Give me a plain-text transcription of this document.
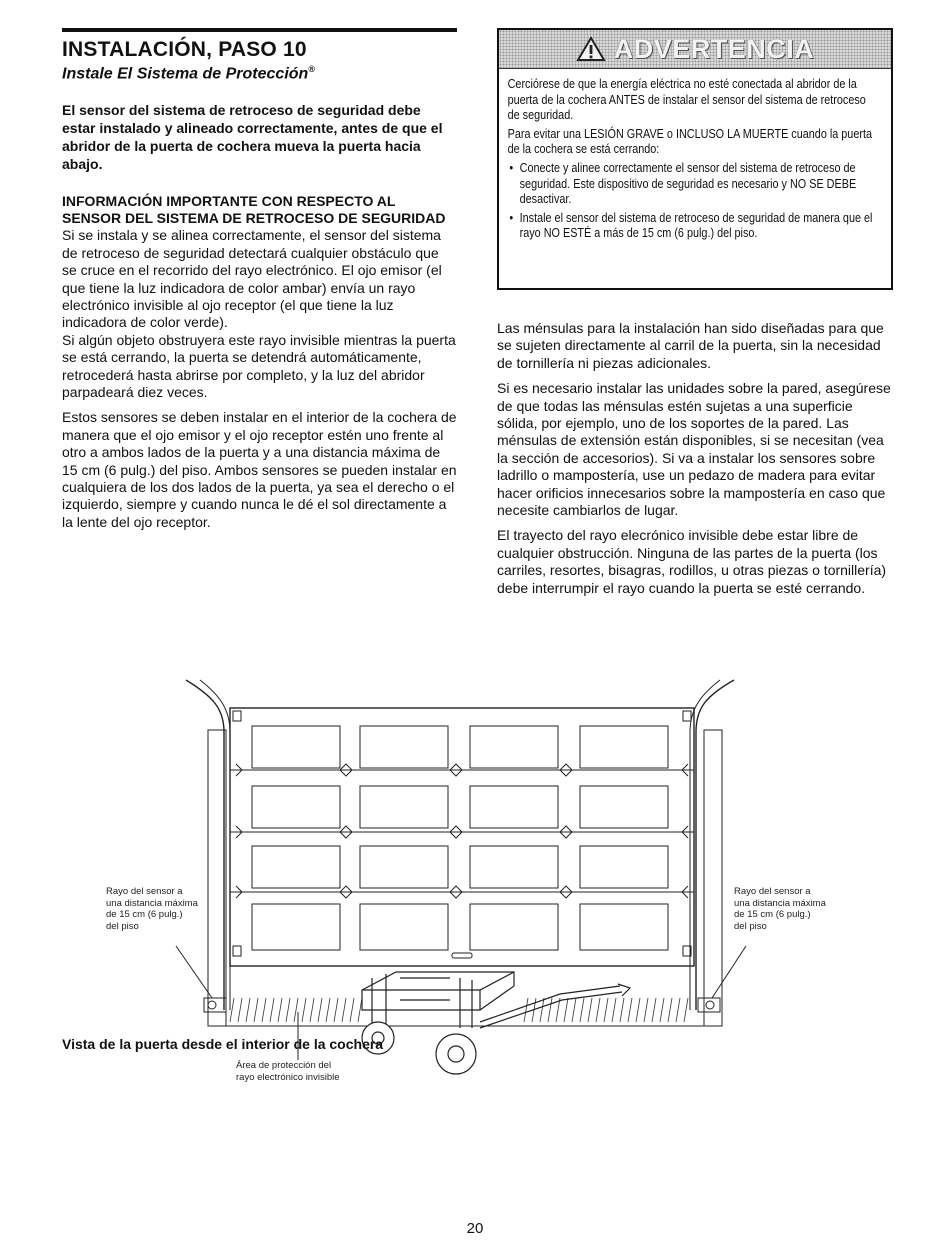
INSTALACIÓN, PASO 10
Instale El Sistema de Protección®
El sensor del sistema de retroceso de seguridad debe estar instalado y alineado correctamente, antes de que el abridor de la puerta de cochera mueva la puerta hacia abajo.
INFORMACIÓN IMPORTANTE CON RESPECTO AL SENSOR DEL SISTEMA DE RETROCESO DE SEGURIDAD

Si se instala y se alinea correctamente, el sensor del sistema de retroceso de seguridad detectará cualquier obstáculo que se cruce en el recorrido del rayo electrónico. El ojo emisor (el que tiene la luz indicadora de color ambar) envía un rayo electrónico invisible al ojo receptor (el que tiene la luz indicadora de color verde).

Si algún objeto obstruyera este rayo invisible mientras la puerta se está cerrando, la puerta se detendrá automáticamente, retrocederá hasta abrirse por completo, y la luz del abridor parpadeará diez veces.

Estos sensores se deben instalar en el interior de la cochera de manera que el ojo emisor y el ojo receptor estén uno frente al otro a ambos lados de la puerta y a una distancia máxima de 15 cm (6 pulg.) del piso. Ambos sensores se pueden instalar en cualquiera de los dos lados de la puerta, ya sea el derecho o el izquierdo, siempre y cuando nunca le dé el sol directamente a la lente del ojo receptor.

ADVERTENCIA

Cerciórese de que la energía eléctrica no esté conectada al abridor de la puerta de la cochera ANTES de instalar el sensor del sistema de retroceso de seguridad.

Para evitar una LESIÓN GRAVE o INCLUSO LA MUERTE cuando la puerta de la cochera se está cerrando:

• Conecte y alinee correctamente el sensor del sistema de retroceso de seguridad. Este dispositivo de seguridad es necesario y NO SE DEBE desactivar.
• Instale el sensor del sistema de retroceso de seguridad de manera que el rayo NO ESTÉ a más de 15 cm (6 pulg.) del piso.

Las ménsulas para la instalación han sido diseñadas para que se sujeten directamente al carril de la puerta, sin la necesidad de tornillería ni piezas adicionales.

Si es necesario instalar las unidades sobre la pared, asegúrese de que todas las ménsulas estén sujetas a una superficie sólida, por ejemplo, uno de los soportes de la pared. Las ménsulas de extensión están disponibles, si se necesitan (vea la sección de accesorios). Si va a instalar los sensores sobre ladrillo o mampostería, use un pedazo de madera para evitar hacer orificios innecesarios sobre la mampostería en caso que necesite cambiarlos de lugar.

El trayecto del rayo elecrónico invisible debe estar libre de cualquier obstrucción. Ninguna de las partes de la puerta (los carriles, resortes, bisagras, rodillos, u otras piezas o tornillería) debe interrumpir el rayo cuando la puerta se esté cerrando.

Rayo del sensor a
una distancia máxima
de 15 cm (6 pulg.)
del piso
Rayo del sensor a
una distancia máxima
de 15 cm (6 pulg.)
del piso
Área de protección del
rayo electrónico invisible
Vista de la puerta desde el interior de la cochera
20
